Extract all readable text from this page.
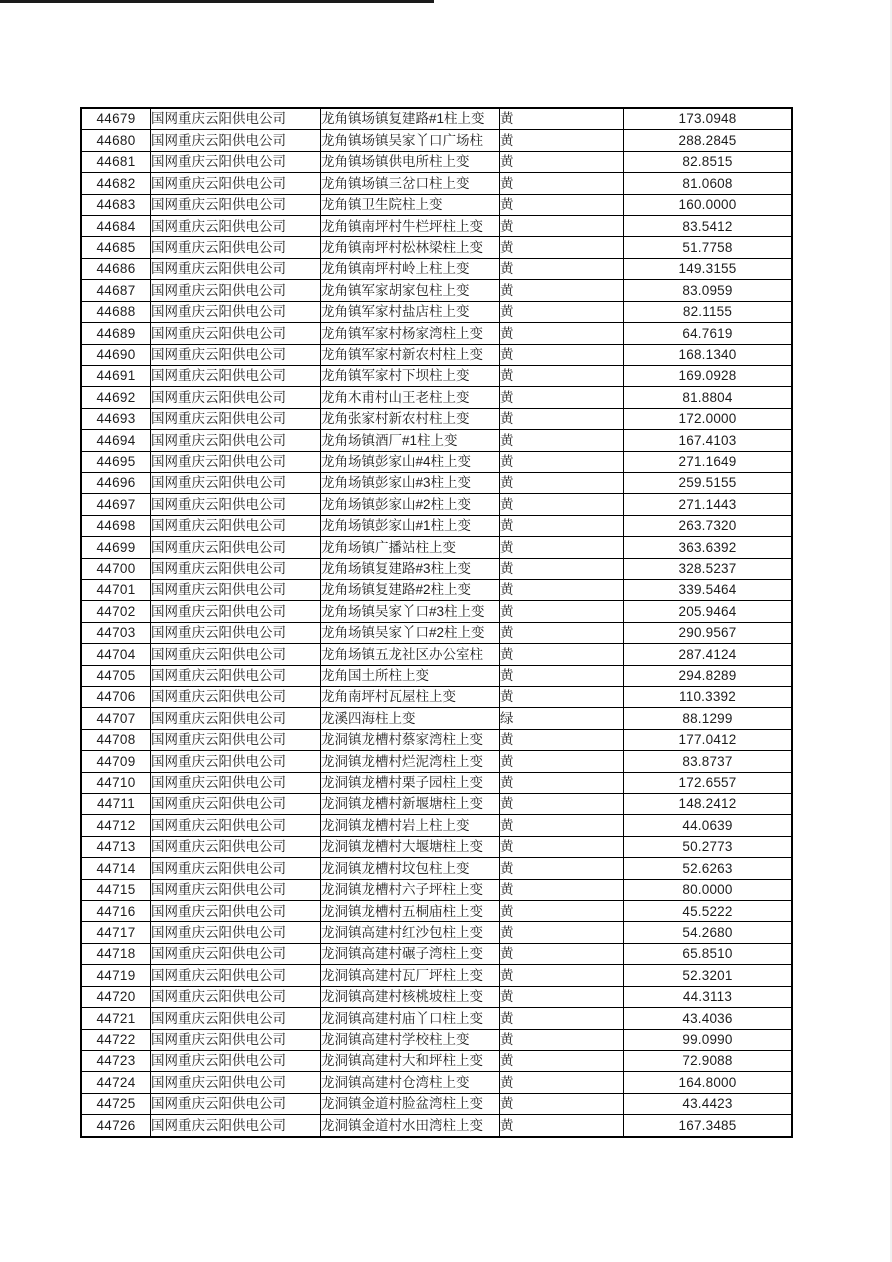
44679	国网重庆云阳供电公司	龙角镇场镇复建路#1柱上变	黄	173.0948
44680	国网重庆云阳供电公司	龙角镇场镇吴家丫口广场柱	黄	288.2845
44681	国网重庆云阳供电公司	龙角镇场镇供电所柱上变	黄	82.8515
44682	国网重庆云阳供电公司	龙角镇场镇三岔口柱上变	黄	81.0608
44683	国网重庆云阳供电公司	龙角镇卫生院柱上变	黄	160.0000
44684	国网重庆云阳供电公司	龙角镇南坪村牛栏坪柱上变	黄	83.5412
44685	国网重庆云阳供电公司	龙角镇南坪村松林梁柱上变	黄	51.7758
44686	国网重庆云阳供电公司	龙角镇南坪村岭上柱上变	黄	149.3155
44687	国网重庆云阳供电公司	龙角镇军家胡家包柱上变	黄	83.0959
44688	国网重庆云阳供电公司	龙角镇军家村盐店柱上变	黄	82.1155
44689	国网重庆云阳供电公司	龙角镇军家村杨家湾柱上变	黄	64.7619
44690	国网重庆云阳供电公司	龙角镇军家村新农村柱上变	黄	168.1340
44691	国网重庆云阳供电公司	龙角镇军家村下坝柱上变	黄	169.0928
44692	国网重庆云阳供电公司	龙角木甫村山王老柱上变	黄	81.8804
44693	国网重庆云阳供电公司	龙角张家村新农村柱上变	黄	172.0000
44694	国网重庆云阳供电公司	龙角场镇酒厂#1柱上变	黄	167.4103
44695	国网重庆云阳供电公司	龙角场镇彭家山#4柱上变	黄	271.1649
44696	国网重庆云阳供电公司	龙角场镇彭家山#3柱上变	黄	259.5155
44697	国网重庆云阳供电公司	龙角场镇彭家山#2柱上变	黄	271.1443
44698	国网重庆云阳供电公司	龙角场镇彭家山#1柱上变	黄	263.7320
44699	国网重庆云阳供电公司	龙角场镇广播站柱上变	黄	363.6392
44700	国网重庆云阳供电公司	龙角场镇复建路#3柱上变	黄	328.5237
44701	国网重庆云阳供电公司	龙角场镇复建路#2柱上变	黄	339.5464
44702	国网重庆云阳供电公司	龙角场镇吴家丫口#3柱上变	黄	205.9464
44703	国网重庆云阳供电公司	龙角场镇吴家丫口#2柱上变	黄	290.9567
44704	国网重庆云阳供电公司	龙角场镇五龙社区办公室柱	黄	287.4124
44705	国网重庆云阳供电公司	龙角国土所柱上变	黄	294.8289
44706	国网重庆云阳供电公司	龙角南坪村瓦屋柱上变	黄	110.3392
44707	国网重庆云阳供电公司	龙溪四海柱上变	绿	88.1299
44708	国网重庆云阳供电公司	龙洞镇龙槽村蔡家湾柱上变	黄	177.0412
44709	国网重庆云阳供电公司	龙洞镇龙槽村烂泥湾柱上变	黄	83.8737
44710	国网重庆云阳供电公司	龙洞镇龙槽村栗子园柱上变	黄	172.6557
44711	国网重庆云阳供电公司	龙洞镇龙槽村新堰塘柱上变	黄	148.2412
44712	国网重庆云阳供电公司	龙洞镇龙槽村岩上柱上变	黄	44.0639
44713	国网重庆云阳供电公司	龙洞镇龙槽村大堰塘柱上变	黄	50.2773
44714	国网重庆云阳供电公司	龙洞镇龙槽村坟包柱上变	黄	52.6263
44715	国网重庆云阳供电公司	龙洞镇龙槽村六子坪柱上变	黄	80.0000
44716	国网重庆云阳供电公司	龙洞镇龙槽村五桐庙柱上变	黄	45.5222
44717	国网重庆云阳供电公司	龙洞镇高建村红沙包柱上变	黄	54.2680
44718	国网重庆云阳供电公司	龙洞镇高建村碾子湾柱上变	黄	65.8510
44719	国网重庆云阳供电公司	龙洞镇高建村瓦厂坪柱上变	黄	52.3201
44720	国网重庆云阳供电公司	龙洞镇高建村核桃坡柱上变	黄	44.3113
44721	国网重庆云阳供电公司	龙洞镇高建村庙丫口柱上变	黄	43.4036
44722	国网重庆云阳供电公司	龙洞镇高建村学校柱上变	黄	99.0990
44723	国网重庆云阳供电公司	龙洞镇高建村大和坪柱上变	黄	72.9088
44724	国网重庆云阳供电公司	龙洞镇高建村仓湾柱上变	黄	164.8000
44725	国网重庆云阳供电公司	龙洞镇金道村脸盆湾柱上变	黄	43.4423
44726	国网重庆云阳供电公司	龙洞镇金道村水田湾柱上变	黄	167.3485
